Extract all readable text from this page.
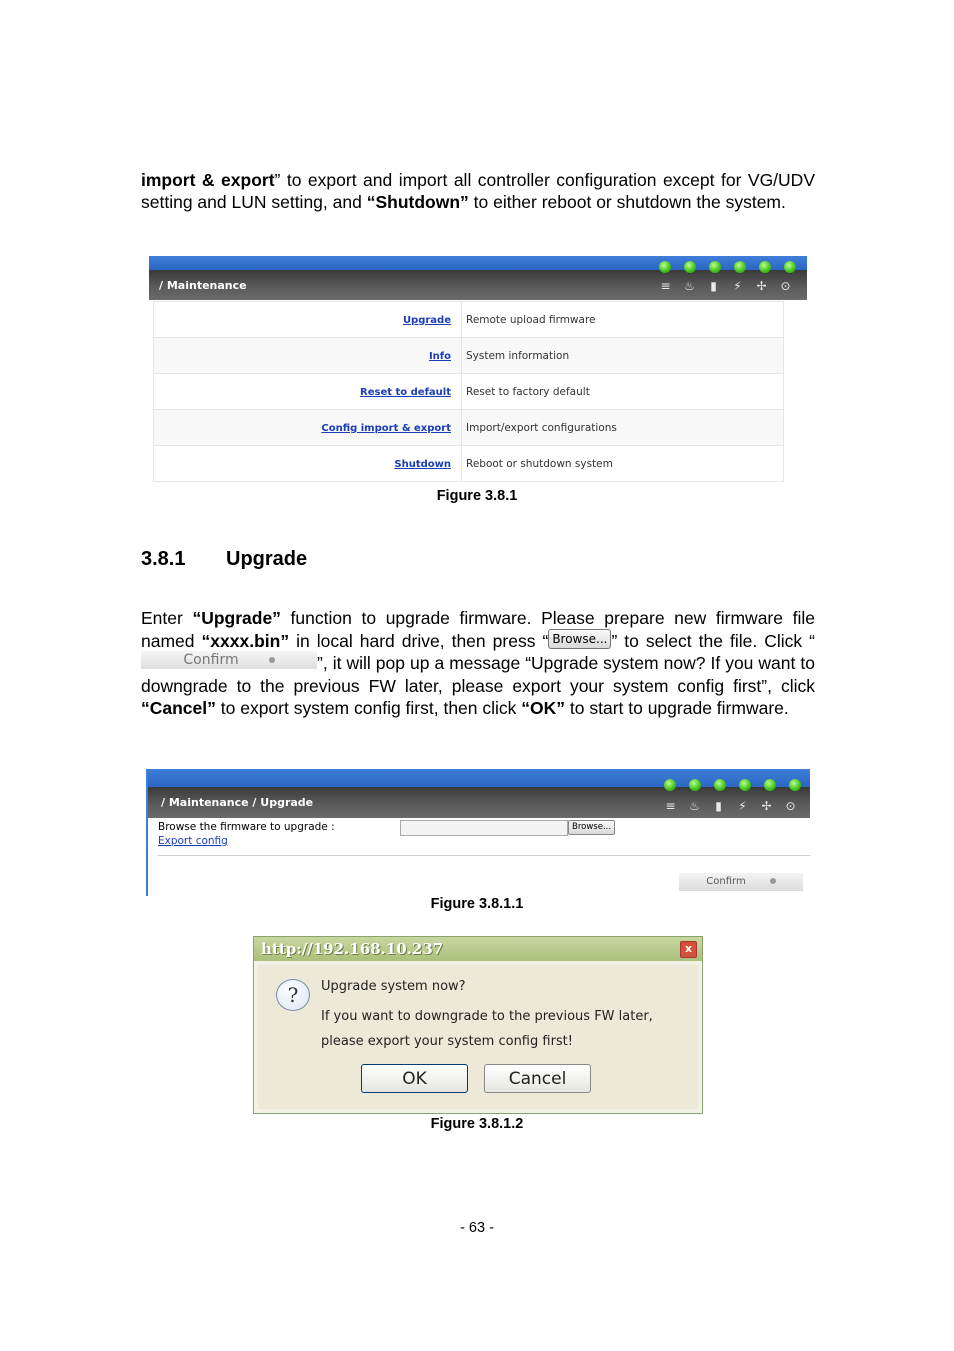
import & export” to export and import all controller configuration except for VG/UDV setting and LUN setting, and “Shutdown” to either reboot or shutdown the system.
/ Maintenance	≡ ♨ ▮ ⚡ ✢ ⊙
Upgrade	Remote upload firmware
Info	System information
Reset to default	Reset to factory default
Config import & export	Import/export configurations
Shutdown	Reboot or shutdown system
Figure 3.8.1
3.8.1 Upgrade
Enter “Upgrade” function to upgrade firmware. Please prepare new firmware file named “xxxx.bin” in local hard drive, then press “ Browse... ” to select the file. Click “Confirm	”, it will pop up a message “Upgrade system now? If you want to downgrade to the previous FW later, please export your system config first”, click “Cancel” to export system config first, then click “OK” to start to upgrade firmware.
/ Maintenance / Upgrade	≡ ♨ ▮ ⚡ ✢ ⊙
Browse the firmware to upgrade :
Export config
Browse...
Confirm
Figure 3.8.1.1
http://192.168.10.237	x
?	Upgrade system now?
If you want to downgrade to the previous FW later,
please export your system config first!
OK	Cancel
Figure 3.8.1.2
- 63 -
